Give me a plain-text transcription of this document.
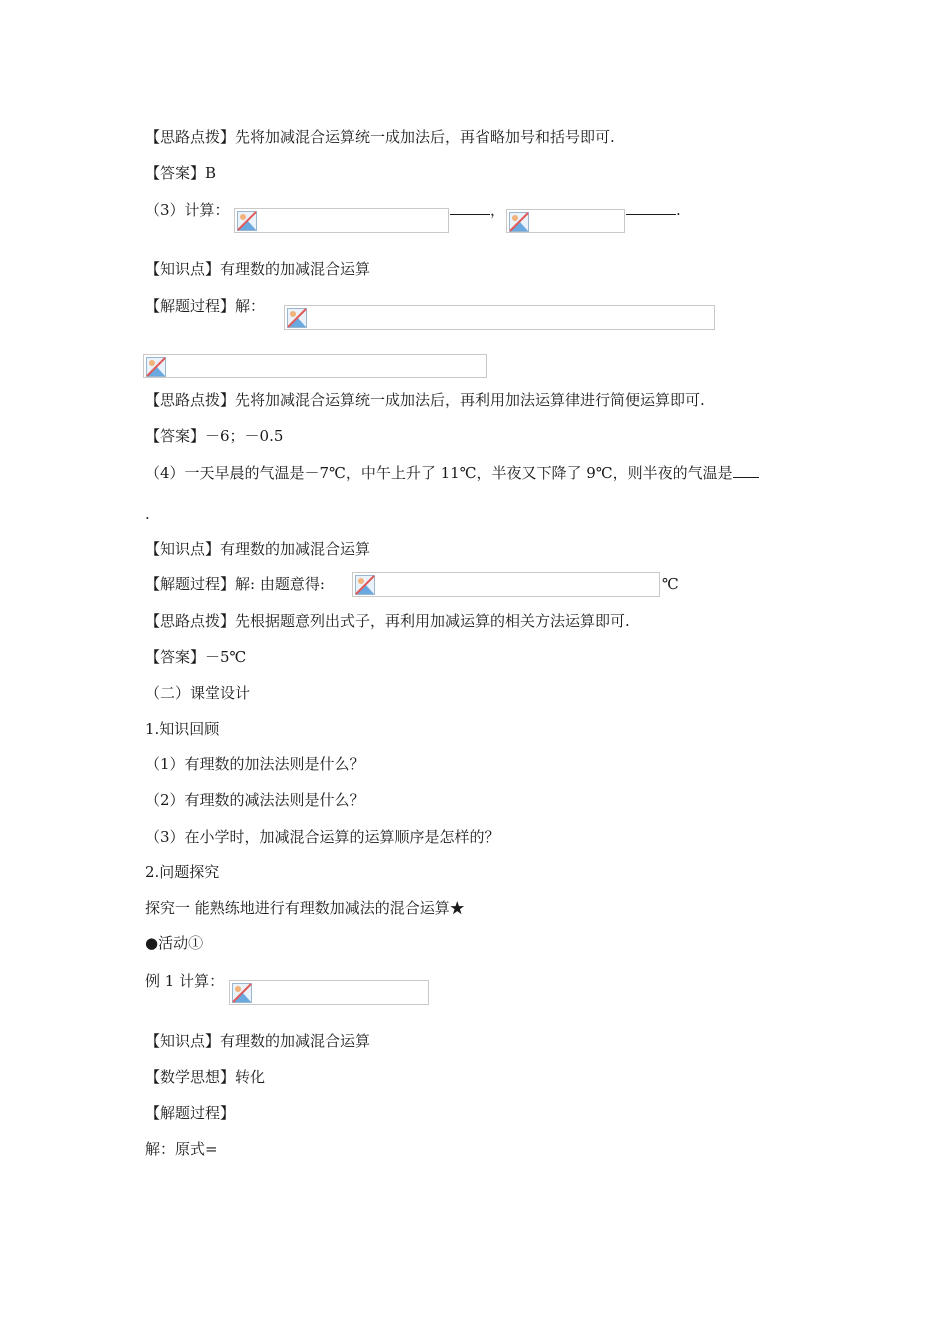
【思路点拨】先将加减混合运算统一成加法后，再省略加号和括号即可.
【答案】B
（3）计算：	，	.
【知识点】有理数的加减混合运算
【解题过程】解：
【思路点拨】先将加减混合运算统一成加法后，再利用加法运算律进行简便运算即可.
【答案】－6；－0.5
（4）一天早晨的气温是－7℃，中午上升了 11℃，半夜又下降了 9℃，则半夜的气温是
.
【知识点】有理数的加减混合运算
【解题过程】解: 由题意得:	℃
【思路点拨】先根据题意列出式子，再利用加减运算的相关方法运算即可.
【答案】－5℃
（二）课堂设计
1.知识回顾
（1）有理数的加法法则是什么？
（2）有理数的减法法则是什么？
（3）在小学时，加减混合运算的运算顺序是怎样的？
2.问题探究
探究一 能熟练地进行有理数加减法的混合运算★
●活动①
例 1 计算：
【知识点】有理数的加减混合运算
【数学思想】转化
【解题过程】
解：原式=
